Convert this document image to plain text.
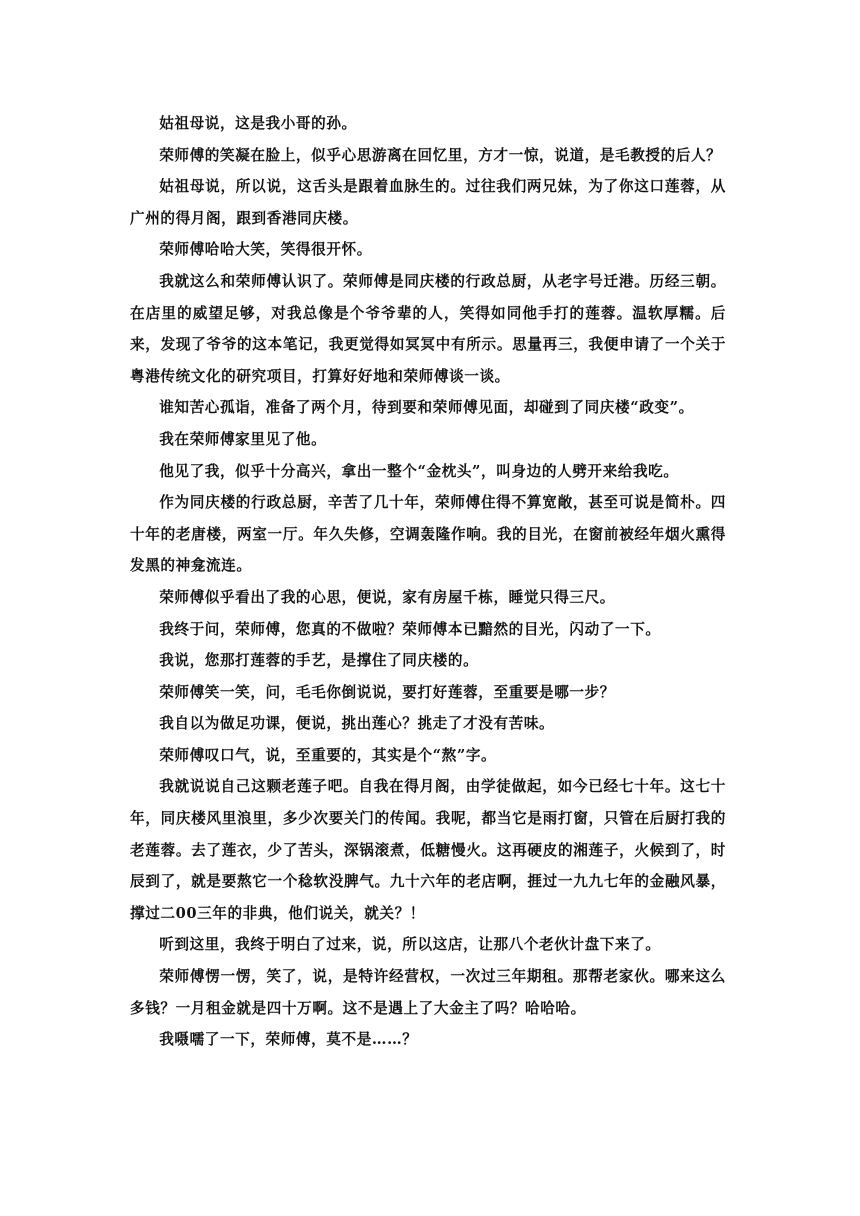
姑祖母说，这是我小哥的孙。

荣师傅的笑凝在脸上，似乎心思游离在回忆里，方才一惊，说道，是毛教授的后人？

姑祖母说，所以说，这舌头是跟着血脉生的。过往我们两兄妹，为了你这口莲蓉，从广州的得月阁，跟到香港同庆楼。

荣师傅哈哈大笑，笑得很开怀。

我就这么和荣师傅认识了。荣师傅是同庆楼的行政总厨，从老字号迁港。历经三朝。在店里的威望足够，对我总像是个爷爷辈的人，笑得如同他手打的莲蓉。温软厚糯。后来，发现了爷爷的这本笔记，我更觉得如冥冥中有所示。思量再三，我便申请了一个关于粤港传统文化的研究项目，打算好好地和荣师傅谈一谈。

谁知苦心孤诣，准备了两个月，待到要和荣师傅见面，却碰到了同庆楼“政变”。

我在荣师傅家里见了他。

他见了我，似乎十分高兴，拿出一整个“金枕头”，叫身边的人劈开来给我吃。

作为同庆楼的行政总厨，辛苦了几十年，荣师傅住得不算宽敞，甚至可说是简朴。四十年的老唐楼，两室一厅。年久失修，空调轰隆作响。我的目光，在窗前被经年烟火熏得发黑的神龛流连。

荣师傅似乎看出了我的心思，便说，家有房屋千栋，睡觉只得三尺。

我终于问，荣师傅，您真的不做啦？荣师傅本已黯然的目光，闪动了一下。

我说，您那打莲蓉的手艺，是撑住了同庆楼的。

荣师傅笑一笑，问，毛毛你倒说说，要打好莲蓉，至重要是哪一步？

我自以为做足功课，便说，挑出莲心？挑走了才没有苦味。

荣师傅叹口气，说，至重要的，其实是个“熬”字。

我就说说自己这颗老莲子吧。自我在得月阁，由学徒做起，如今已经七十年。这七十年，同庆楼风里浪里，多少次要关门的传闻。我呢，都当它是雨打窗，只管在后厨打我的老莲蓉。去了莲衣，少了苦头，深锅滚煮，低糖慢火。这再硬皮的湘莲子，火候到了，时辰到了，就是要熬它一个稔软没脾气。九十六年的老店啊，捱过一九九七年的金融风暴，撑过二00三年的非典，他们说关，就关？！

听到这里，我终于明白了过来，说，所以这店，让那八个老伙计盘下来了。

荣师傅愣一愣，笑了，说，是特许经营权，一次过三年期租。那帮老家伙。哪来这么多钱？一月租金就是四十万啊。这不是遇上了大金主了吗？哈哈哈。

我嗫嚅了一下，荣师傅，莫不是……？
